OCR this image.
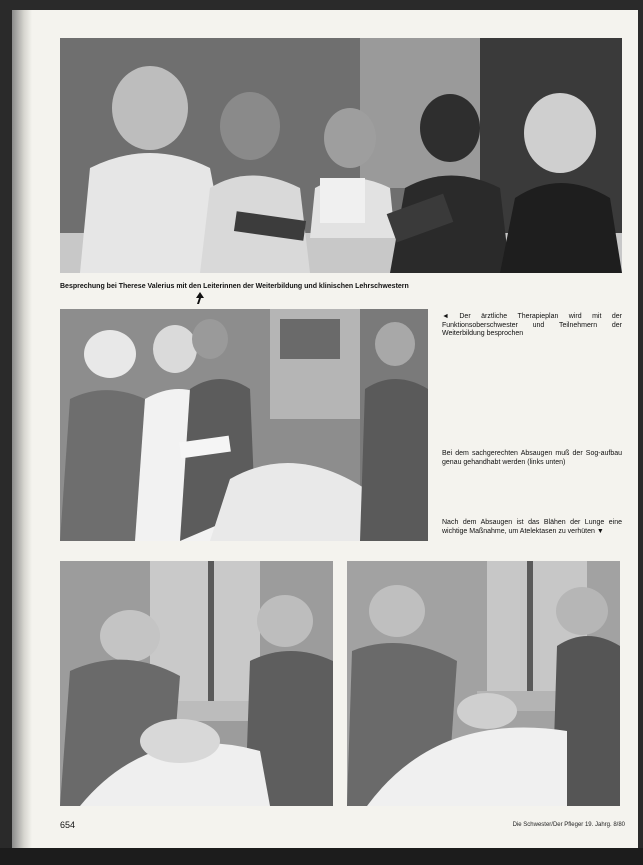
Besprechung bei Therese Valerius mit den Leiterinnen der Weiterbildung und klinischen Lehrschwestern
◄ Der ärztliche Therapieplan wird mit der Funktionsoberschwester und Teilnehmern der Weiterbildung besprochen
Bei dem sachgerechten Absaugen muß der Sog-aufbau genau gehandhabt werden (links unten)
Nach dem Absaugen ist das Blähen der Lunge eine wichtige Maßnahme, um Atelektasen zu verhüten ▼
654	Die Schwester/Der Pfleger 19. Jahrg. 8/80
